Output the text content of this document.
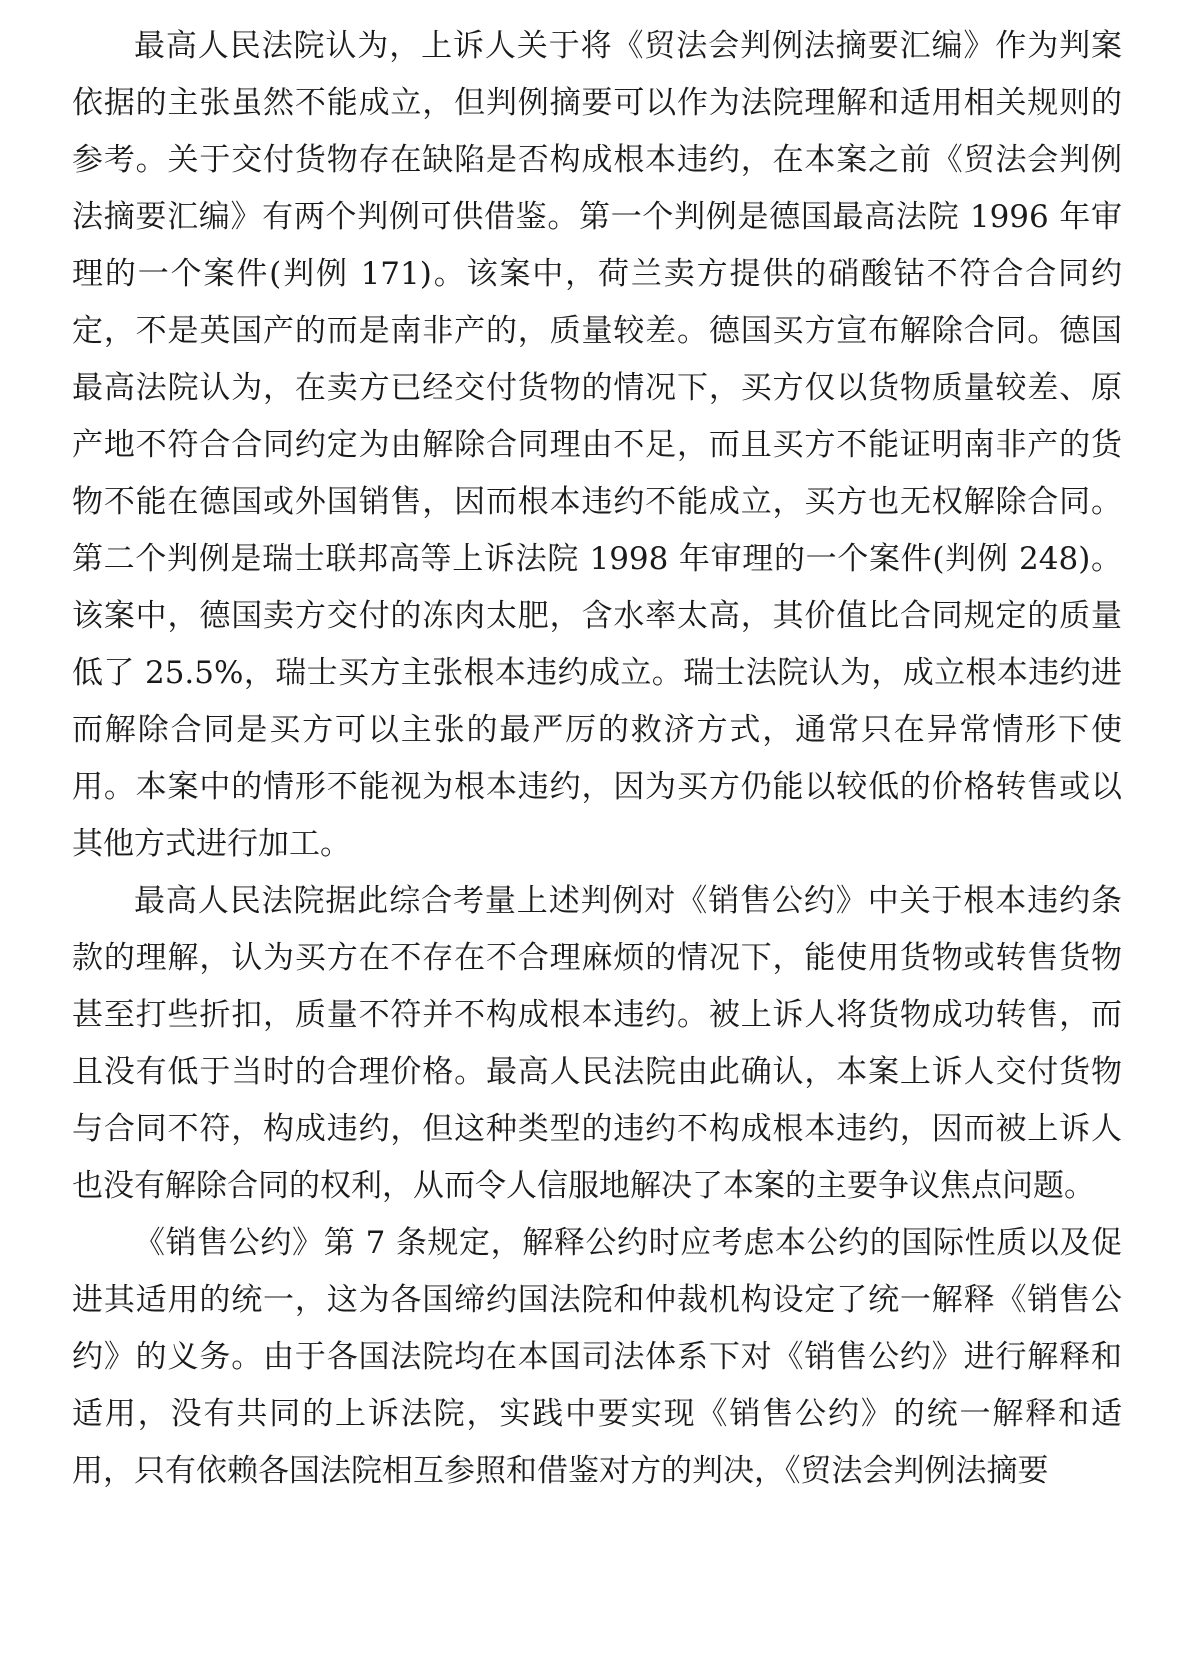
最高人民法院认为，上诉人关于将《贸法会判例法摘要汇编》作为判案依据的主张虽然不能成立，但判例摘要可以作为法院理解和适用相关规则的参考。关于交付货物存在缺陷是否构成根本违约，在本案之前《贸法会判例法摘要汇编》有两个判例可供借鉴。第一个判例是德国最高法院 1996 年审理的一个案件(判例 171)。该案中，荷兰卖方提供的硝酸钴不符合合同约定，不是英国产的而是南非产的，质量较差。德国买方宣布解除合同。德国最高法院认为，在卖方已经交付货物的情况下，买方仅以货物质量较差、原产地不符合合同约定为由解除合同理由不足，而且买方不能证明南非产的货物不能在德国或外国销售，因而根本违约不能成立，买方也无权解除合同。第二个判例是瑞士联邦高等上诉法院 1998 年审理的一个案件(判例 248)。该案中，德国卖方交付的冻肉太肥，含水率太高，其价值比合同规定的质量低了 25.5%，瑞士买方主张根本违约成立。瑞士法院认为，成立根本违约进而解除合同是买方可以主张的最严厉的救济方式，通常只在异常情形下使用。本案中的情形不能视为根本违约，因为买方仍能以较低的价格转售或以其他方式进行加工。

最高人民法院据此综合考量上述判例对《销售公约》中关于根本违约条款的理解，认为买方在不存在不合理麻烦的情况下，能使用货物或转售货物甚至打些折扣，质量不符并不构成根本违约。被上诉人将货物成功转售，而且没有低于当时的合理价格。最高人民法院由此确认，本案上诉人交付货物与合同不符，构成违约，但这种类型的违约不构成根本违约，因而被上诉人也没有解除合同的权利，从而令人信服地解决了本案的主要争议焦点问题。

《销售公约》第 7 条规定，解释公约时应考虑本公约的国际性质以及促进其适用的统一，这为各国缔约国法院和仲裁机构设定了统一解释《销售公约》的义务。由于各国法院均在本国司法体系下对《销售公约》进行解释和适用，没有共同的上诉法院，实践中要实现《销售公约》的统一解释和适用，只有依赖各国法院相互参照和借鉴对方的判决，《贸法会判例法摘要
